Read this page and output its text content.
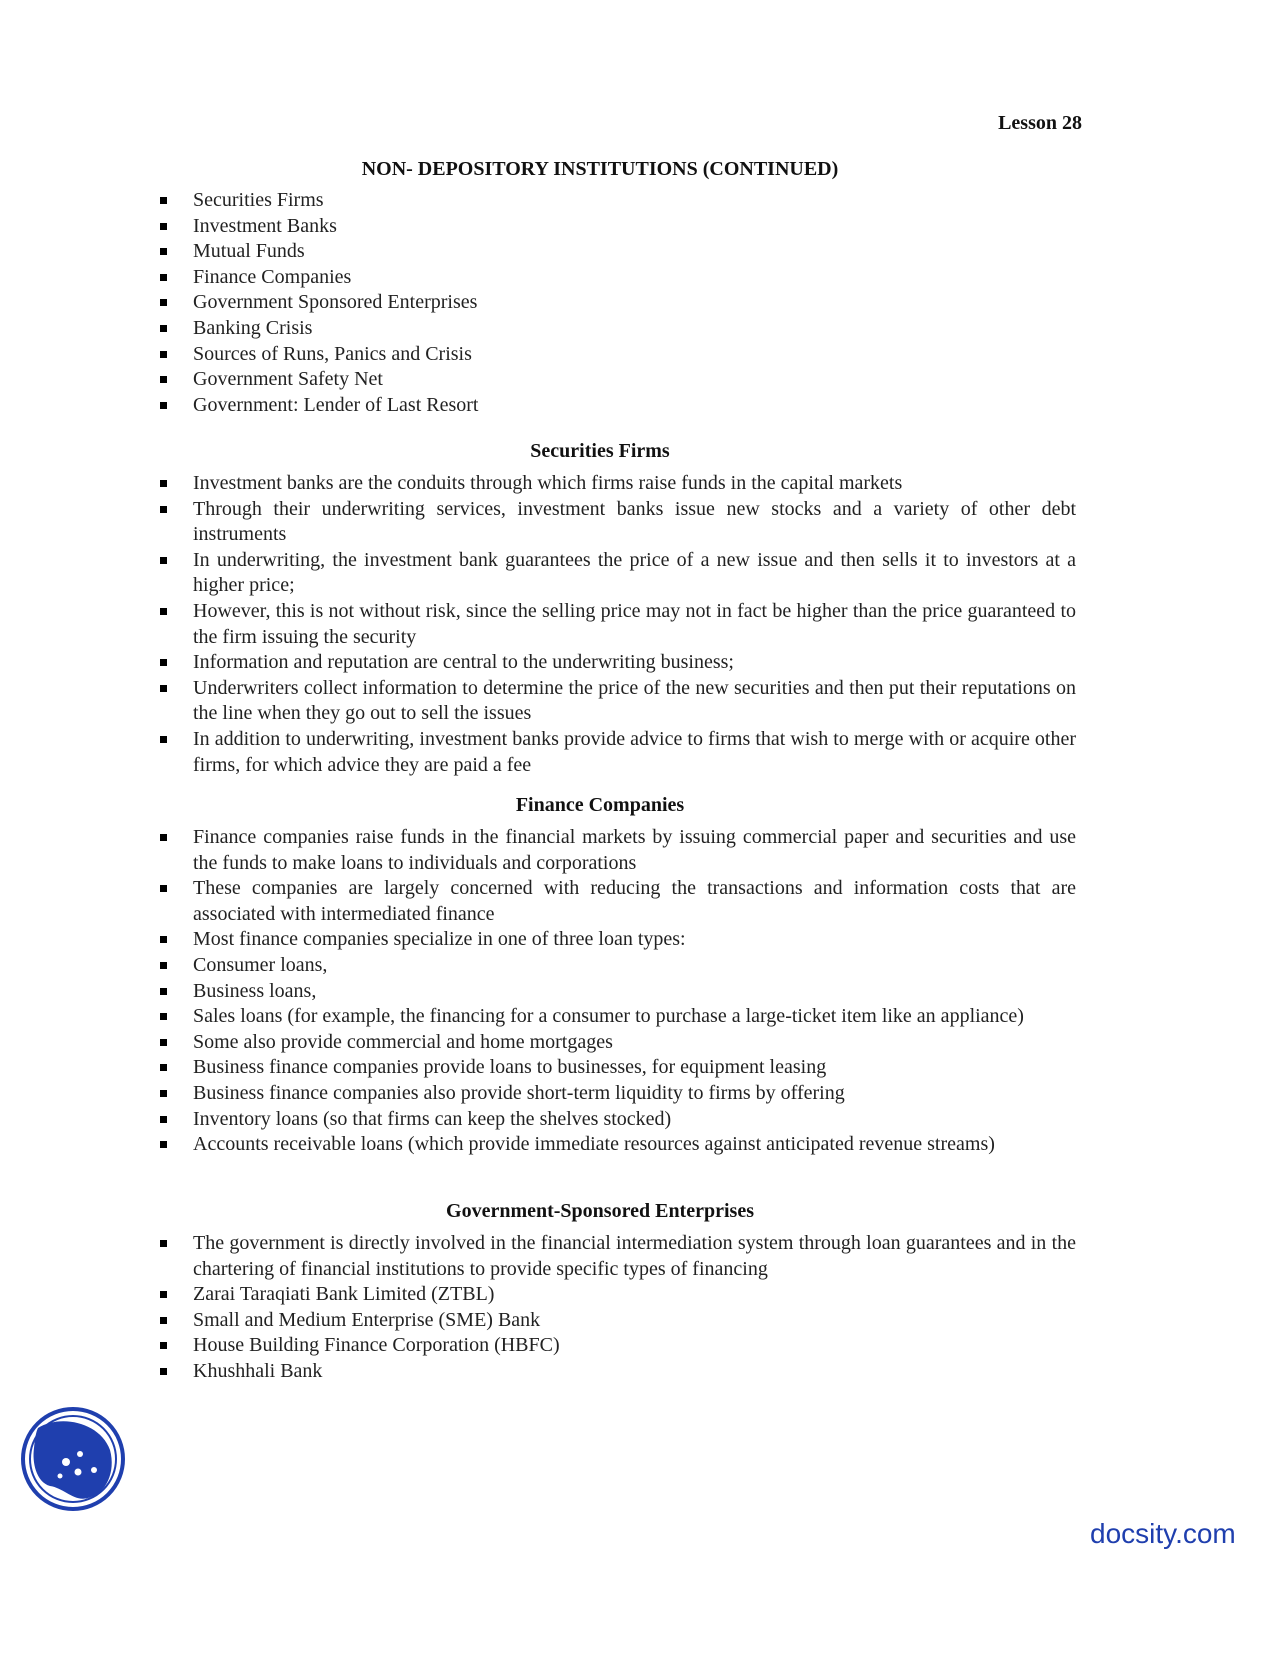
Lesson 28

NON- DEPOSITORY INSTITUTIONS (CONTINUED)
Securities Firms
Investment Banks
Mutual Funds
Finance Companies
Government Sponsored Enterprises
Banking Crisis
Sources of Runs, Panics and Crisis
Government Safety Net
Government: Lender of Last Resort
Securities Firms
Investment banks are the conduits through which firms raise funds in the capital markets
Through their underwriting services, investment banks issue new stocks and a variety of other debt instruments
In underwriting, the investment bank guarantees the price of a new issue and then sells it to investors at a higher price;
However, this is not without risk, since the selling price may not in fact be higher than the price guaranteed to the firm issuing the security
Information and reputation are central to the underwriting business;
Underwriters collect information to determine the price of the new securities and then put their reputations on the line when they go out to sell the issues
In addition to underwriting, investment banks provide advice to firms that wish to merge with or acquire other firms, for which advice they are paid a fee
Finance Companies
Finance companies raise funds in the financial markets by issuing commercial paper and securities and use the funds to make loans to individuals and corporations
These companies are largely concerned with reducing the transactions and information costs that are associated with intermediated finance
Most finance companies specialize in one of three loan types:
Consumer loans,
Business loans,
Sales loans (for example, the financing for a consumer to purchase a large-ticket item like an appliance)
Some also provide commercial and home mortgages
Business finance companies provide loans to businesses, for equipment leasing
Business finance companies also provide short-term liquidity to firms by offering
Inventory loans (so that firms can keep the shelves stocked)
Accounts receivable loans (which provide immediate resources against anticipated revenue streams)
Government-Sponsored Enterprises
The government is directly involved in the financial intermediation system through loan guarantees and in the chartering of financial institutions to provide specific types of financing
Zarai Taraqiati Bank Limited (ZTBL)
Small and Medium Enterprise (SME) Bank
House Building Finance Corporation (HBFC)
Khushhali Bank

docsity.com
